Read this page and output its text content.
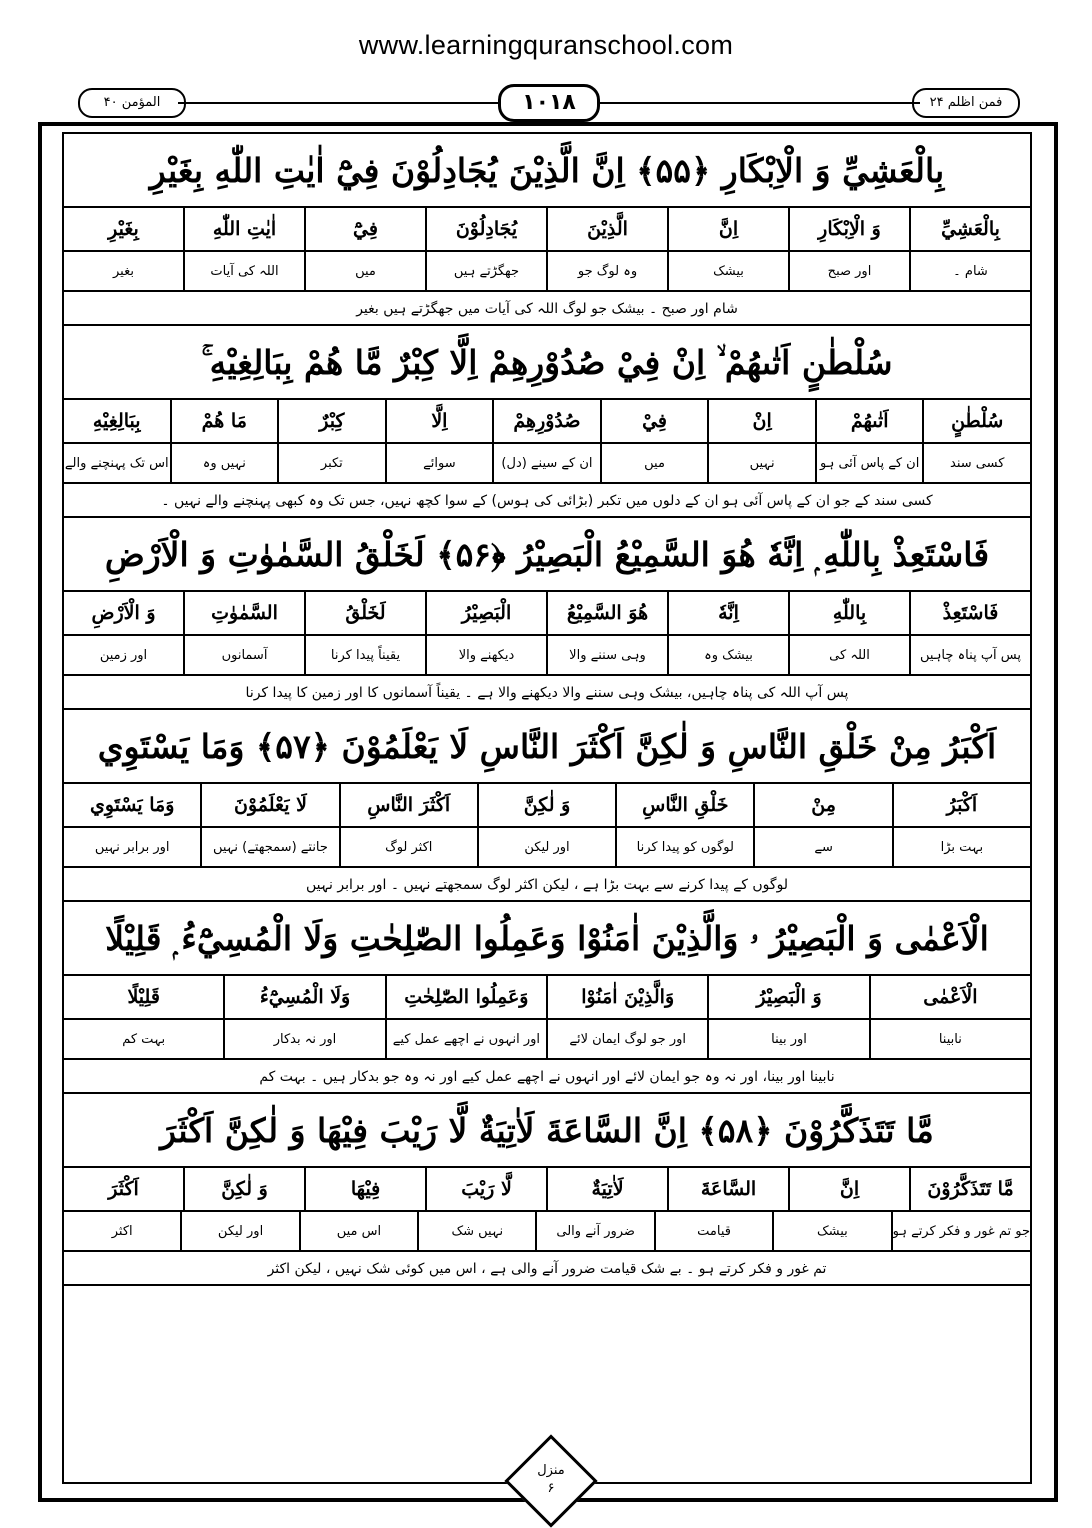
www.learningquranschool.com
المؤمن ۴۰	۱۰۱۸	فمن اظلم ۲۴
بِالْعَشِيِّ وَ الْاِبْكَارِ ﴿۵۵﴾ اِنَّ الَّذِيْنَ يُجَادِلُوْنَ فِيْٓ اٰيٰتِ اللّٰهِ بِغَيْرِ
بِالْعَشِيِّ
وَ الْاِبْكَارِ
اِنَّ
الَّذِيْنَ
يُجَادِلُوْنَ
فِيْٓ
اٰيٰتِ اللّٰهِ
بِغَيْرِ
شام ۔
اور صبح
بیشک
وہ لوگ جو
جھگڑتے ہیں
میں
اللہ کی آیات
بغیر
شام اور صبح ۔ بیشک جو لوگ اللہ کی آیات میں جھگڑتے ہیں بغیر
سُلْطٰنٍ اَتٰىهُمْ ۙ اِنْ فِيْ صُدُوْرِهِمْ اِلَّا كِبْرٌ مَّا هُمْ بِبَالِغِيْهِ ۚ
سُلْطٰنٍ
اَتٰىهُمْ
اِنْ
فِيْ
صُدُوْرِهِمْ
اِلَّا
كِبْرٌ
مَا هُمْ
بِبَالِغِيْهِ
کسی سند
ان کے پاس آئی ہو
نہیں
میں
ان کے سینے (دل)
سوائے
تکبر
نہیں وہ
اس تک پہنچنے والے
کسی سند کے جو ان کے پاس آئی ہو ان کے دلوں میں تکبر (بڑائی کی ہوس) کے سوا کچھ نہیں، جس تک وہ کبھی پہنچنے والے نہیں ۔
فَاسْتَعِذْ بِاللّٰهِ ۭ اِنَّهٗ هُوَ السَّمِيْعُ الْبَصِيْرُ ﴿۵۶﴾ لَخَلْقُ السَّمٰوٰتِ وَ الْاَرْضِ
فَاسْتَعِذْ
بِاللّٰهِ
اِنَّهٗ
هُوَ السَّمِيْعُ
الْبَصِيْرُ
لَخَلْقُ
السَّمٰوٰتِ
وَ الْاَرْضِ
پس آپ پناہ چاہیں
اللہ کی
بیشک وہ
وہی سننے والا
دیکھنے والا
یقیناً پیدا کرنا
آسمانوں
اور زمین
پس آپ اللہ کی پناہ چاہیں، بیشک وہی سننے والا دیکھنے والا ہے ۔ یقیناً آسمانوں کا اور زمین کا پیدا کرنا
اَكْبَرُ مِنْ خَلْقِ النَّاسِ وَ لٰكِنَّ اَكْثَرَ النَّاسِ لَا يَعْلَمُوْنَ ﴿۵۷﴾ وَمَا يَسْتَوِي
اَكْبَرُ
مِنْ
خَلْقِ النَّاسِ
وَ لٰكِنَّ
اَكْثَرَ النَّاسِ
لَا يَعْلَمُوْنَ
وَمَا يَسْتَوِي
بہت بڑا
سے
لوگوں کو پیدا کرنا
اور لیکن
اکثر لوگ
جانتے (سمجھتے) نہیں
اور برابر نہیں
لوگوں کے پیدا کرنے سے بہت بڑا ہے ، لیکن اکثر لوگ سمجھتے نہیں ۔ اور برابر نہیں
الْاَعْمٰى وَ الْبَصِيْرُ ۥ وَالَّذِيْنَ اٰمَنُوْا وَعَمِلُوا الصّٰلِحٰتِ وَلَا الْمُسِيْٓءُ ۭ قَلِيْلًا
الْاَعْمٰى
وَ الْبَصِيْرُ
وَالَّذِيْنَ اٰمَنُوْا
وَعَمِلُوا الصّٰلِحٰتِ
وَلَا الْمُسِيْٓءُ
قَلِيْلًا
نابینا
اور بینا
اور جو لوگ ایمان لائے
اور انہوں نے اچھے عمل کیے
اور نہ بدکار
بہت کم
نابینا اور بینا، اور نہ وہ جو ایمان لائے اور انہوں نے اچھے عمل کیے اور نہ وہ جو بدکار ہیں ۔ بہت کم
مَّا تَتَذَكَّرُوْنَ ﴿۵۸﴾ اِنَّ السَّاعَةَ لَاٰتِيَةٌ لَّا رَيْبَ فِيْهَا وَ لٰكِنَّ اَكْثَرَ
مَّا تَتَذَكَّرُوْنَ
اِنَّ
السَّاعَةَ
لَاٰتِيَةٌ
لَّا رَيْبَ
فِيْهَا
وَ لٰكِنَّ
اَكْثَرَ
جو تم غور و فکر کرتے ہو
بیشک
قیامت
ضرور آنے والی
نہیں شک
اس میں
اور لیکن
اکثر
تم غور و فکر کرتے ہو ۔ بے شک قیامت ضرور آنے والی ہے ، اس میں کوئی شک نہیں ، لیکن اکثر
منزل
۶
